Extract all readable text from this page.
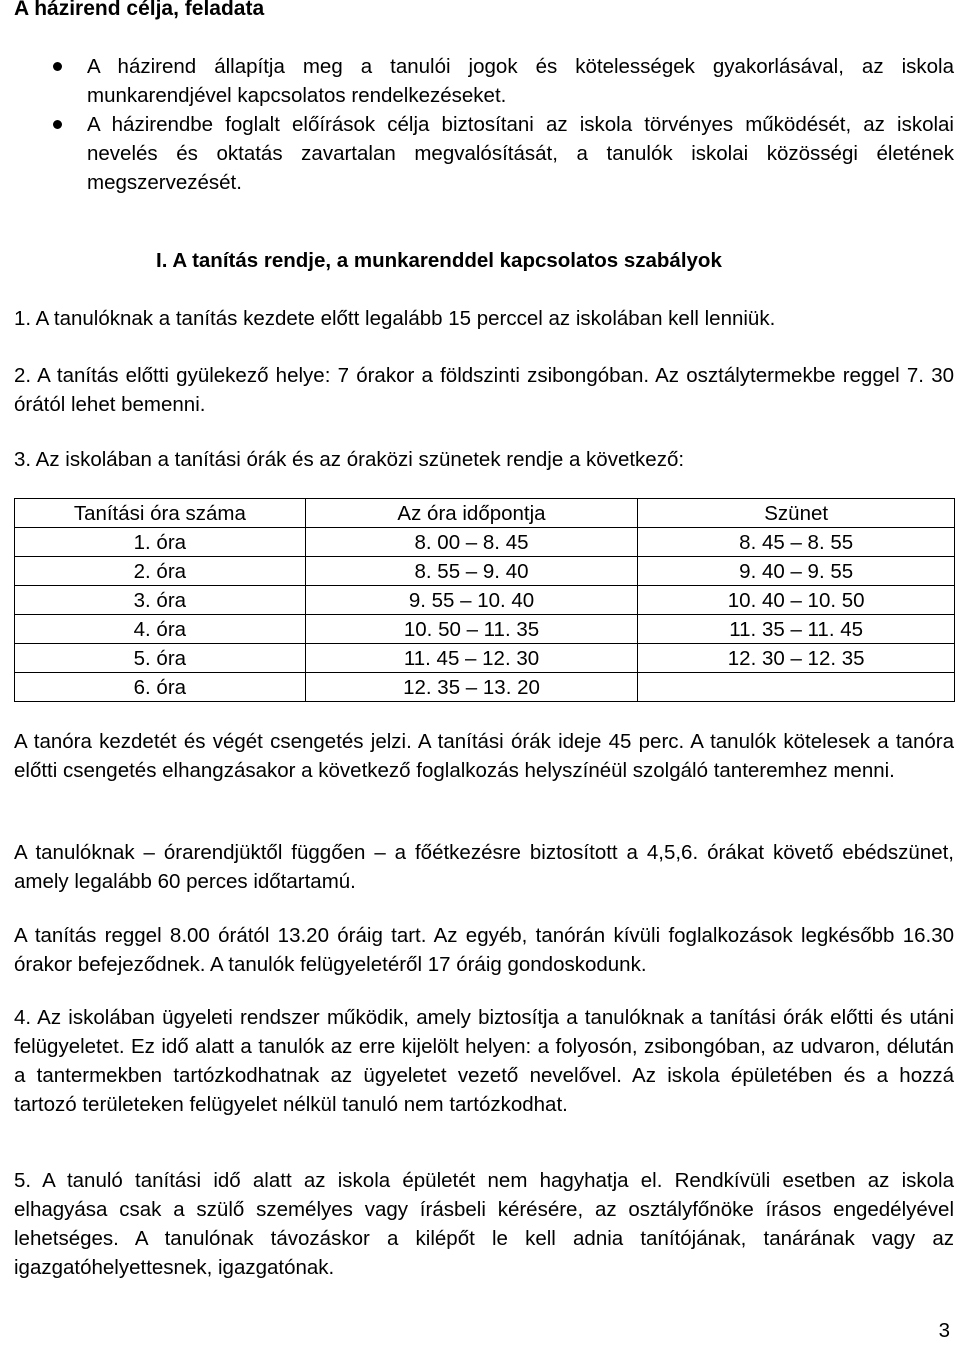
A házirend célja, feladata
A házirend állapítja meg a tanulói jogok és kötelességek gyakorlásával, az iskola munkarendjével kapcsolatos rendelkezéseket.
A házirendbe foglalt előírások célja biztosítani az iskola törvényes működését, az iskolai nevelés és oktatás zavartalan megvalósítását, a tanulók iskolai közösségi életének megszervezését.
I. A tanítás rendje, a munkarenddel kapcsolatos szabályok

1. A tanulóknak a tanítás kezdete előtt legalább 15 perccel az iskolában kell lenniük.

2. A tanítás előtti gyülekező helye: 7 órakor a földszinti zsibongóban. Az osztálytermekbe reggel 7. 30 órától lehet bemenni.

3. Az iskolában a tanítási órák és az óraközi szünetek rendje a következő:

Tanítási óra száma	Az óra időpontja	Szünet
1. óra	8. 00 – 8. 45	8. 45 – 8. 55
2. óra	8. 55 – 9. 40	9. 40 – 9. 55
3. óra	9. 55 – 10. 40	10. 40 – 10. 50
4. óra	10. 50 – 11. 35	11. 35 – 11. 45
5. óra	11. 45 – 12. 30	12. 30 – 12. 35
6. óra	12. 35 – 13. 20	

A tanóra kezdetét és végét csengetés jelzi. A tanítási órák ideje 45 perc. A tanulók kötelesek a tanóra előtti csengetés elhangzásakor a következő foglalkozás helyszínéül szolgáló tanteremhez menni.

A tanulóknak – órarendjüktől függően – a főétkezésre biztosított a 4,5,6. órákat követő ebédszünet, amely legalább 60 perces időtartamú.

A tanítás reggel 8.00 órától 13.20 óráig tart. Az egyéb, tanórán kívüli foglalkozások legkésőbb 16.30 órakor befejeződnek. A tanulók felügyeletéről 17 óráig gondoskodunk.

4. Az iskolában ügyeleti rendszer működik, amely biztosítja a tanulóknak a tanítási órák előtti és utáni felügyeletet. Ez idő alatt a tanulók az erre kijelölt helyen: a folyosón, zsibongóban, az udvaron, délután a tantermekben tartózkodhatnak az ügyeletet vezető nevelővel. Az iskola épületében és a hozzá tartozó területeken felügyelet nélkül tanuló nem tartózkodhat.

5. A tanuló tanítási idő alatt az iskola épületét nem hagyhatja el. Rendkívüli esetben az iskola elhagyása csak a szülő személyes vagy írásbeli kérésére, az osztályfőnöke írásos engedélyével lehetséges. A tanulónak távozáskor a kilépőt le kell adnia tanítójának, tanárának vagy az igazgatóhelyettesnek, igazgatónak.

3
